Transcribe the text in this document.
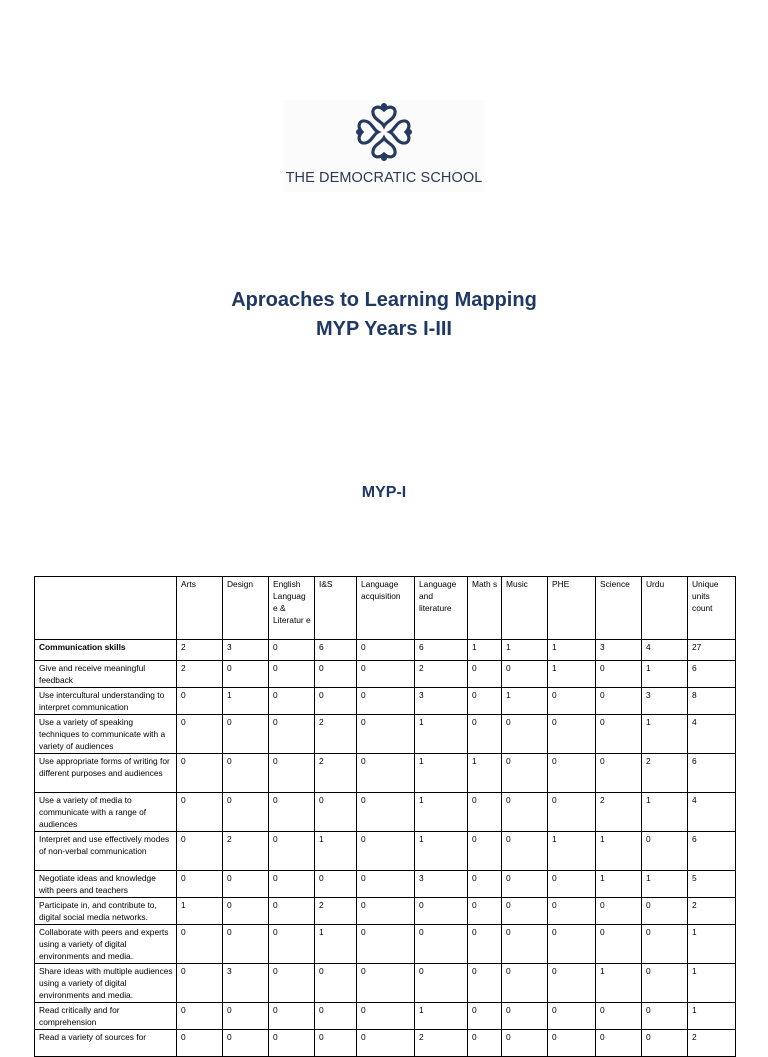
THE DEMOCRATIC SCHOOL
Aproaches to Learning Mapping
MYP Years I-III
MYP-I
	Arts	Design	English Languag e & Literatur e	I&S	Language acquisition	Language and literature	Math s	Music	PHE	Science	Urdu	Unique units count
Communication skills	2	3	0	6	0	6	1	1	1	3	4	27
Give and receive meaningful feedback	2	0	0	0	0	2	0	0	1	0	1	6
Use intercultural understanding to interpret communication	0	1	0	0	0	3	0	1	0	0	3	8
Use a variety of speaking techniques to communicate with a variety of audiences	0	0	0	2	0	1	0	0	0	0	1	4
Use appropriate forms of writing for different purposes and audiences	0	0	0	2	0	1	1	0	0	0	2	6
Use a variety of media to communicate with a range of audiences	0	0	0	0	0	1	0	0	0	2	1	4
Interpret and use effectively modes of non-verbal communication	0	2	0	1	0	1	0	0	1	1	0	6
Negotiate ideas and knowledge with peers and teachers	0	0	0	0	0	3	0	0	0	1	1	5
Participate in, and contribute to, digital social media networks.	1	0	0	2	0	0	0	0	0	0	0	2
Collaborate with peers and experts using a variety of digital environments and media.	0	0	0	1	0	0	0	0	0	0	0	1
Share ideas with multiple audiences using a variety of digital environments and media.	0	3	0	0	0	0	0	0	0	1	0	1
Read critically and for comprehension	0	0	0	0	0	1	0	0	0	0	0	1
Read a variety of sources for	0	0	0	0	0	2	0	0	0	0	0	2
